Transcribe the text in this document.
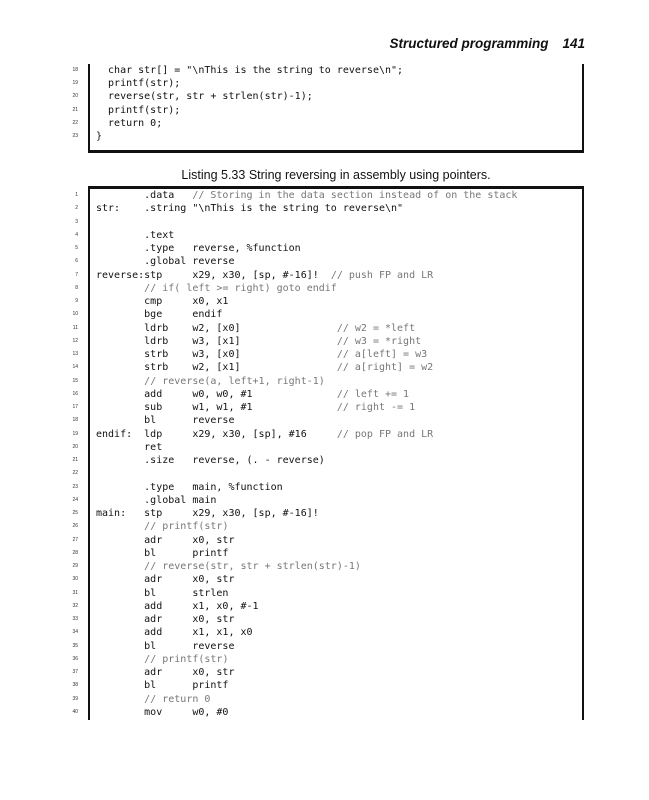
Structured programming 141
18 char str[] = "\nThis is the string to reverse\n";
19 printf(str);
20 reverse(str, str + strlen(str)-1);
21 printf(str);
22 return 0;
23 }
Listing 5.33 String reversing in assembly using pointers.
1 .data   // Storing in the data section instead of on the stack
2 str:    .string "\nThis is the string to reverse\n"
3
4 .text
5 .type   reverse, %function
6 .global reverse
7 reverse:stp     x29, x30, [sp, #-16]!  // push FP and LR
8	// if( left >= right) goto endif
9 cmp     x0, x1
10 bge     endif
11 ldrb    w2, [x0]                // w2 = *left
12 ldrb    w3, [x1]                // w3 = *right
13 strb    w3, [x0]                // a[left] = w3
14 strb    w2, [x1]                // a[right] = w2
15	// reverse(a, left+1, right-1)
16 add     w0, w0, #1              // left += 1
17 sub     w1, w1, #1              // right -= 1
18 bl      reverse
19 endif:  ldp     x29, x30, [sp], #16     // pop FP and LR
20 ret
21 .size   reverse, (. - reverse)
22
23 .type   main, %function
24 .global main
25 main:   stp     x29, x30, [sp, #-16]!
26	// printf(str)
27 adr     x0, str
28 bl      printf
29	// reverse(str, str + strlen(str)-1)
30 adr     x0, str
31 bl      strlen
32 add     x1, x0, #-1
33 adr     x0, str
34 add     x1, x1, x0
35 bl      reverse
36	// printf(str)
37 adr     x0, str
38 bl      printf
39	// return 0
40 mov     w0, #0
